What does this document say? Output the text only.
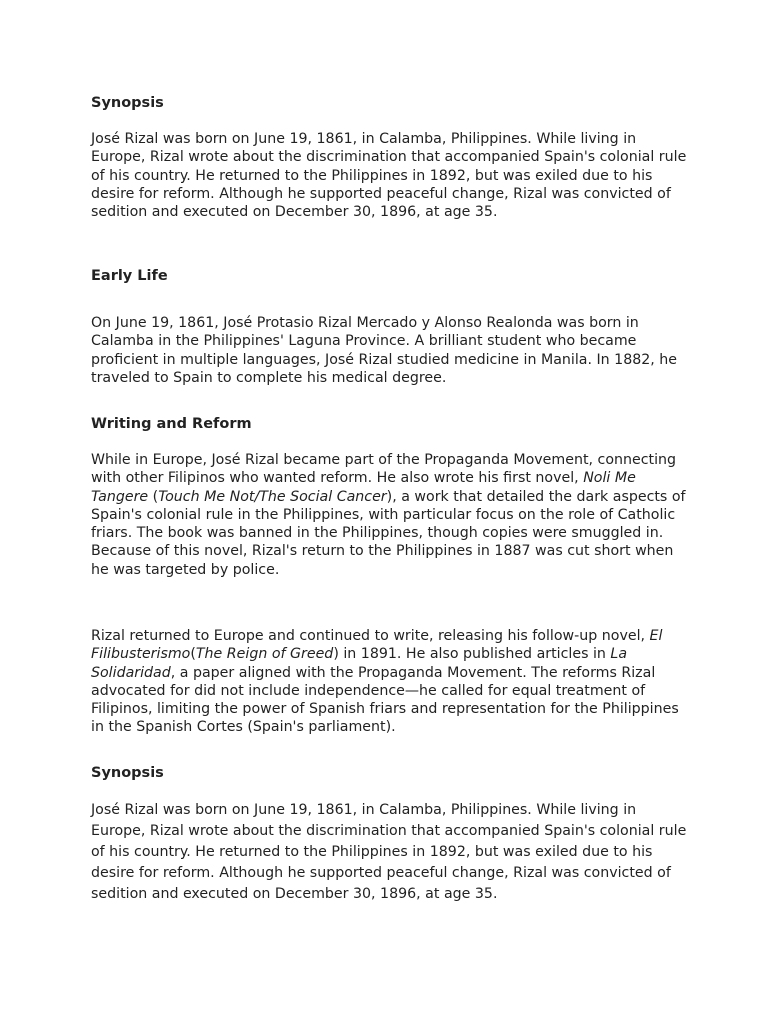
Synopsis

José Rizal was born on June 19, 1861, in Calamba, Philippines. While living in Europe, Rizal wrote about the discrimination that accompanied Spain's colonial rule of his country. He returned to the Philippines in 1892, but was exiled due to his desire for reform. Although he supported peaceful change, Rizal was convicted of sedition and executed on December 30, 1896, at age 35.

Early Life

On June 19, 1861, José Protasio Rizal Mercado y Alonso Realonda was born in Calamba in the Philippines' Laguna Province. A brilliant student who became proficient in multiple languages, José Rizal studied medicine in Manila. In 1882, he traveled to Spain to complete his medical degree.

Writing and Reform

While in Europe, José Rizal became part of the Propaganda Movement, connecting with other Filipinos who wanted reform. He also wrote his first novel, Noli Me Tangere (Touch Me Not/The Social Cancer), a work that detailed the dark aspects of Spain's colonial rule in the Philippines, with particular focus on the role of Catholic friars. The book was banned in the Philippines, though copies were smuggled in. Because of this novel, Rizal's return to the Philippines in 1887 was cut short when he was targeted by police.

Rizal returned to Europe and continued to write, releasing his follow-up novel, El Filibusterismo(The Reign of Greed) in 1891. He also published articles in La Solidaridad, a paper aligned with the Propaganda Movement. The reforms Rizal advocated for did not include independence—he called for equal treatment of Filipinos, limiting the power of Spanish friars and representation for the Philippines in the Spanish Cortes (Spain's parliament).

Synopsis

José Rizal was born on June 19, 1861, in Calamba, Philippines. While living in Europe, Rizal wrote about the discrimination that accompanied Spain's colonial rule of his country. He returned to the Philippines in 1892, but was exiled due to his desire for reform. Although he supported peaceful change, Rizal was convicted of sedition and executed on December 30, 1896, at age 35.
